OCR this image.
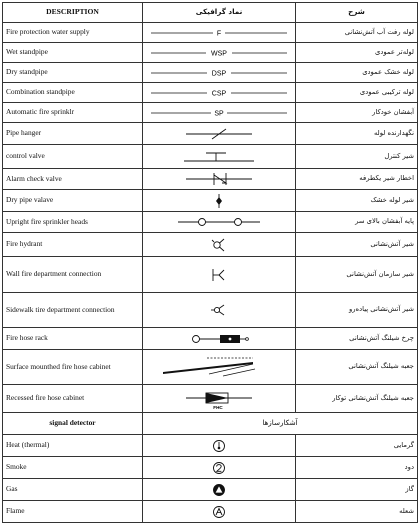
DESCRIPTION	نماد گرافیکی	شرح
Fire protection water supply	F	لوله رفت آب آتش‌نشانی
Wet standpipe	WSP	لوله‌تر عمودی
Dry standpipe	DSP	لوله خشک عمودی
Combination standpipe	CSP	لوله ترکیبی عمودی
Automatic fire sprinklr	SP	آبفشان خودکار
Pipe hanger		نگهدارنده لوله
control valve		شیر کنترل
Alarm check valve		اخطار شیر یکطرفه
Dry pipe valave		شیر لوله خشک
Upright fire sprinkler heads		پایه آبفشان بالای سر
Fire hydrant		شیر آتش‌نشانی
Wall fire department connection		شیر سازمان آتش‌نشانی
Sidewalk tire department connection		شیر آتش‌نشانی پیاده‌رو
Fire hose rack		چرخ شیلنگ آتش‌نشانی
Surface mounthed fire hose cabinet		جعبه شیلنگ آتش‌نشانی
Recessed fire hose cabinet	FHC	جعبه شیلنگ آتش‌نشانی توکار
signal detector	آشکارسازها	
Heat (thermal)		گرمایی
Smoke		دود
Gas		گاز
Flame		شعله
